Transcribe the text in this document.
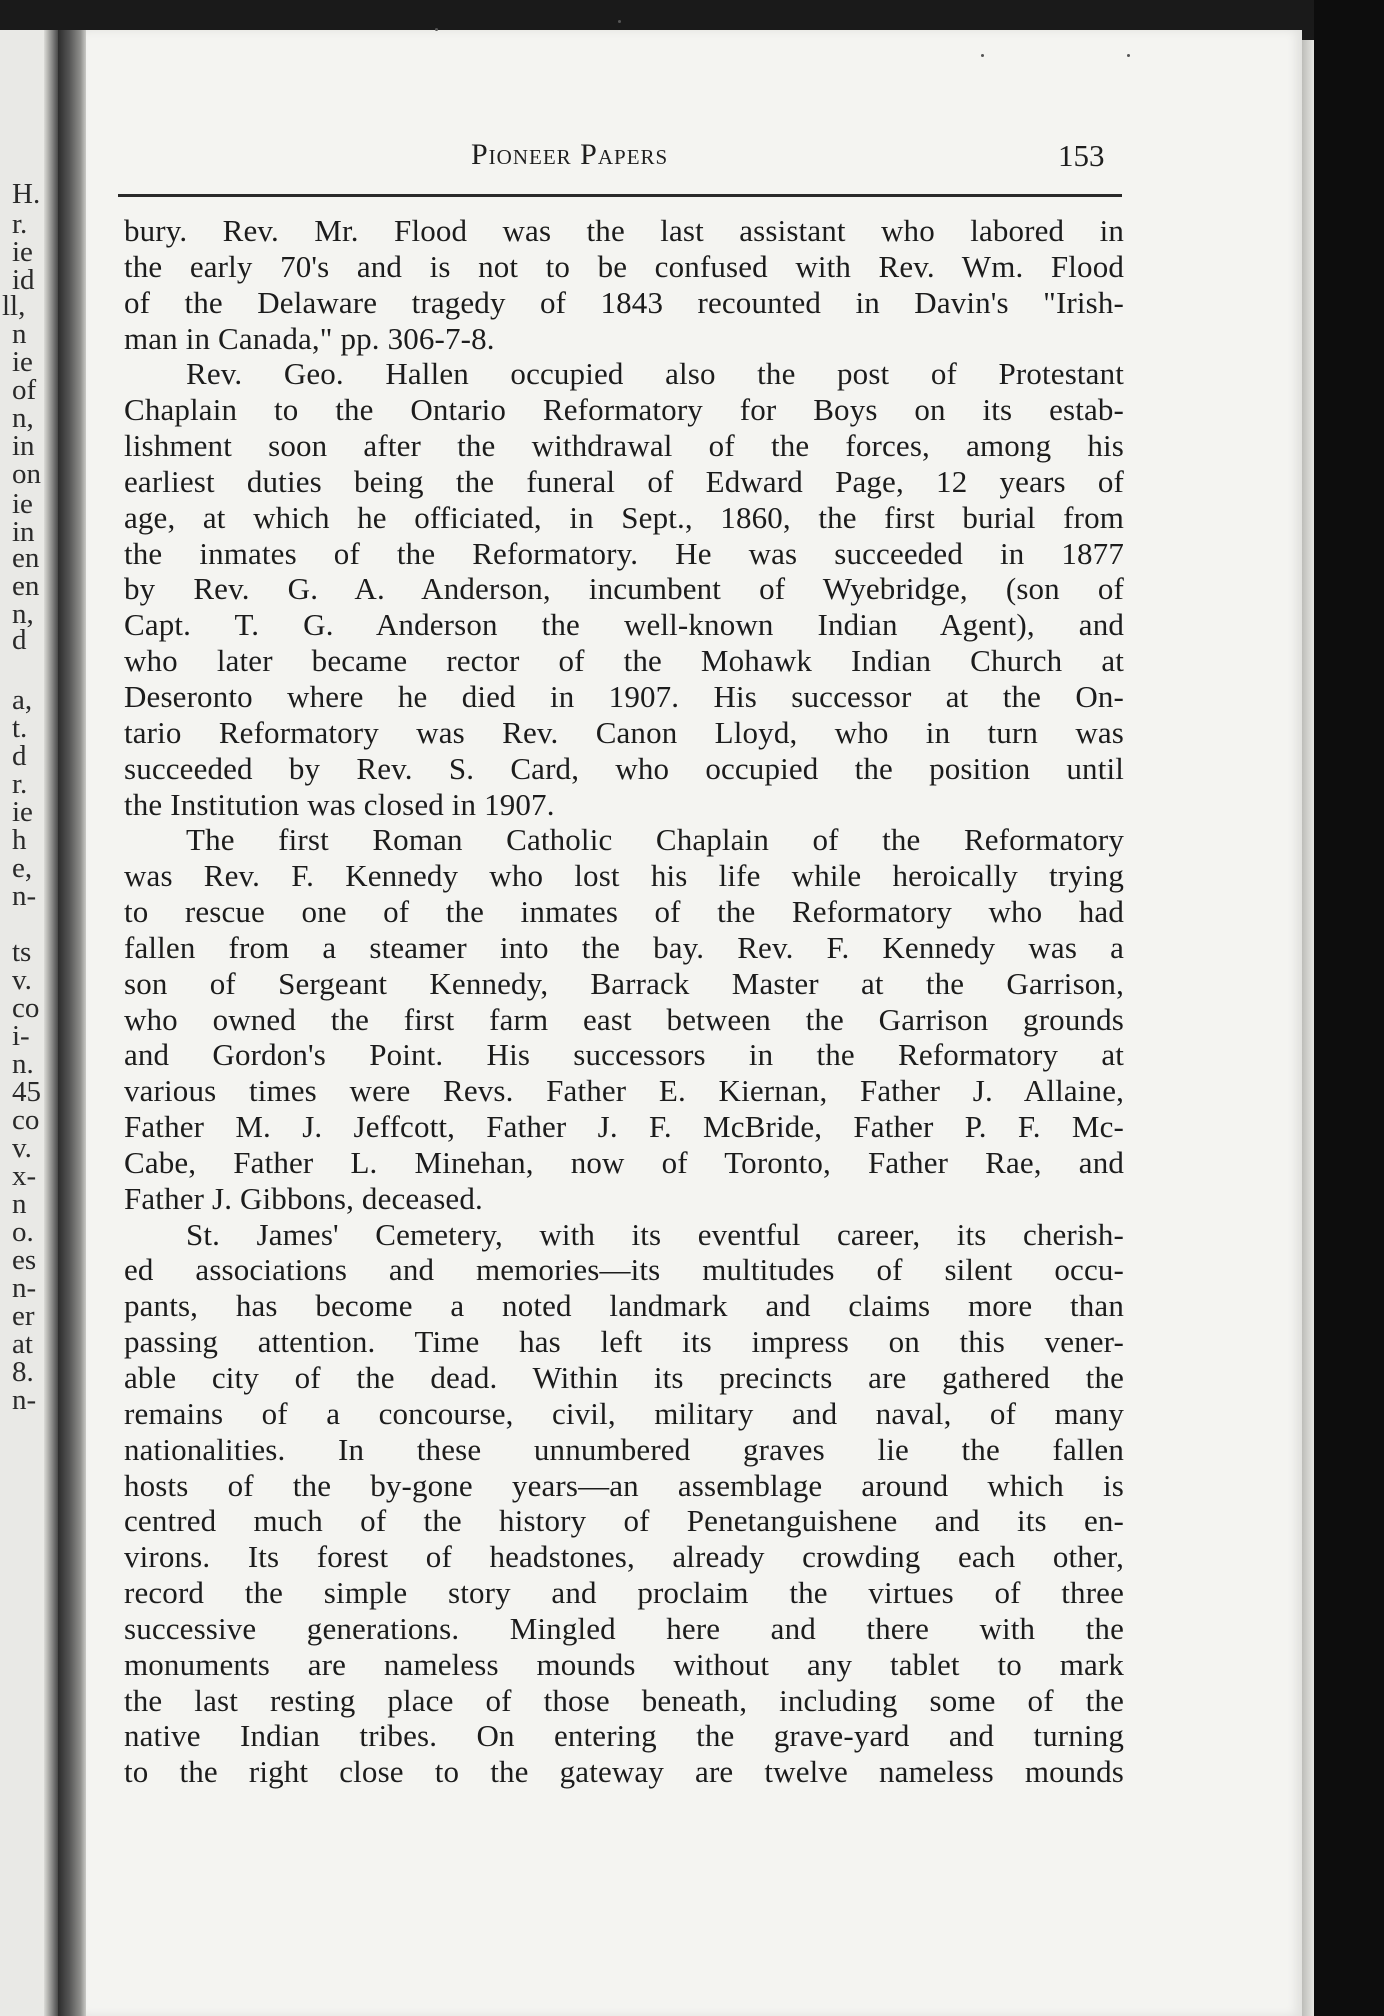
H.
r.
ie
id
ll,
n
ie
of
n,
in
on
ie
in
en
en
n,
d
a,
t.
d
r.
ie
h
e,
n-
ts
v.
co
i-
n.
45
co
v.
x-
n
o.
es
n-
er
at
8.
n-
Pioneer Papers	153
bury. Rev. Mr. Flood was the last assistant who labored in
the early 70's and is not to be confused with Rev. Wm. Flood
of the Delaware tragedy of 1843 recounted in Davin's "Irish-
man in Canada," pp. 306-7-8.
Rev. Geo. Hallen occupied also the post of Protestant
Chaplain to the Ontario Reformatory for Boys on its estab-
lishment soon after the withdrawal of the forces, among his
earliest duties being the funeral of Edward Page, 12 years of
age, at which he officiated, in Sept., 1860, the first burial from
the inmates of the Reformatory. He was succeeded in 1877
by Rev. G. A. Anderson, incumbent of Wyebridge, (son of
Capt. T. G. Anderson the well-known Indian Agent), and
who later became rector of the Mohawk Indian Church at
Deseronto where he died in 1907. His successor at the On-
tario Reformatory was Rev. Canon Lloyd, who in turn was
succeeded by Rev. S. Card, who occupied the position until
the Institution was closed in 1907.
The first Roman Catholic Chaplain of the Reformatory
was Rev. F. Kennedy who lost his life while heroically trying
to rescue one of the inmates of the Reformatory who had
fallen from a steamer into the bay. Rev. F. Kennedy was a
son of Sergeant Kennedy, Barrack Master at the Garrison,
who owned the first farm east between the Garrison grounds
and Gordon's Point. His successors in the Reformatory at
various times were Revs. Father E. Kiernan, Father J. Allaine,
Father M. J. Jeffcott, Father J. F. McBride, Father P. F. Mc-
Cabe, Father L. Minehan, now of Toronto, Father Rae, and
Father J. Gibbons, deceased.
St. James' Cemetery, with its eventful career, its cherish-
ed associations and memories—its multitudes of silent occu-
pants, has become a noted landmark and claims more than
passing attention. Time has left its impress on this vener-
able city of the dead. Within its precincts are gathered the
remains of a concourse, civil, military and naval, of many
nationalities. In these unnumbered graves lie the fallen
hosts of the by-gone years—an assemblage around which is
centred much of the history of Penetanguishene and its en-
virons. Its forest of headstones, already crowding each other,
record the simple story and proclaim the virtues of three
successive generations. Mingled here and there with the
monuments are nameless mounds without any tablet to mark
the last resting place of those beneath, including some of the
native Indian tribes. On entering the grave-yard and turning
to the right close to the gateway are twelve nameless mounds
